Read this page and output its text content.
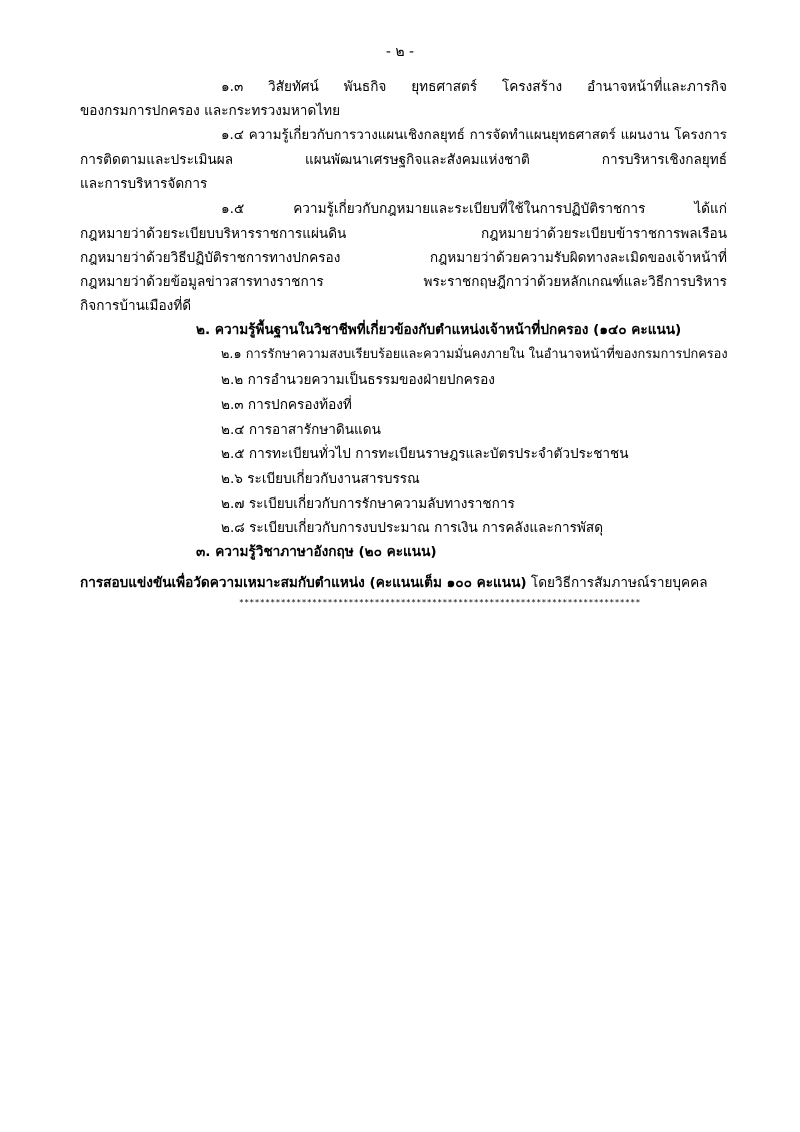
- ๒ -
๑.๓ วิสัยทัศน์ พันธกิจ ยุทธศาสตร์ โครงสร้าง อำนาจหน้าที่และภารกิจ
ของกรมการปกครอง และกระทรวงมหาดไทย
๑.๔ ความรู้เกี่ยวกับการวางแผนเชิงกลยุทธ์ การจัดทำแผนยุทธศาสตร์ แผนงาน โครงการ
การติดตามและประเมินผล แผนพัฒนาเศรษฐกิจและสังคมแห่งชาติ การบริหารเชิงกลยุทธ์
และการบริหารจัดการ
๑.๕ ความรู้เกี่ยวกับกฎหมายและระเบียบที่ใช้ในการปฏิบัติราชการ ได้แก่
กฎหมายว่าด้วยระเบียบบริหารราชการแผ่นดิน กฎหมายว่าด้วยระเบียบข้าราชการพลเรือน
กฎหมายว่าด้วยวิธีปฏิบัติราชการทางปกครอง กฎหมายว่าด้วยความรับผิดทางละเมิดของเจ้าหน้าที่
กฎหมายว่าด้วยข้อมูลข่าวสารทางราชการ พระราชกฤษฎีกาว่าด้วยหลักเกณฑ์และวิธีการบริหาร
กิจการบ้านเมืองที่ดี
๒. ความรู้พื้นฐานในวิชาชีพที่เกี่ยวข้องกับตำแหน่งเจ้าหน้าที่ปกครอง (๑๔๐ คะแนน)
๒.๑ การรักษาความสงบเรียบร้อยและความมั่นคงภายใน ในอำนาจหน้าที่ของกรมการปกครอง
๒.๒ การอำนวยความเป็นธรรมของฝ่ายปกครอง
๒.๓ การปกครองท้องที่
๒.๔ การอาสารักษาดินแดน
๒.๕ การทะเบียนทั่วไป การทะเบียนราษฎรและบัตรประจำตัวประชาชน
๒.๖ ระเบียบเกี่ยวกับงานสารบรรณ
๒.๗ ระเบียบเกี่ยวกับการรักษาความลับทางราชการ
๒.๘ ระเบียบเกี่ยวกับการงบประมาณ การเงิน การคลังและการพัสดุ
๓. ความรู้วิชาภาษาอังกฤษ (๒๐ คะแนน)
การสอบแข่งขันเพื่อวัดความเหมาะสมกับตำแหน่ง (คะแนนเต็ม ๑๐๐ คะแนน) โดยวิธีการสัมภาษณ์รายบุคคล
*****************************************************************************
